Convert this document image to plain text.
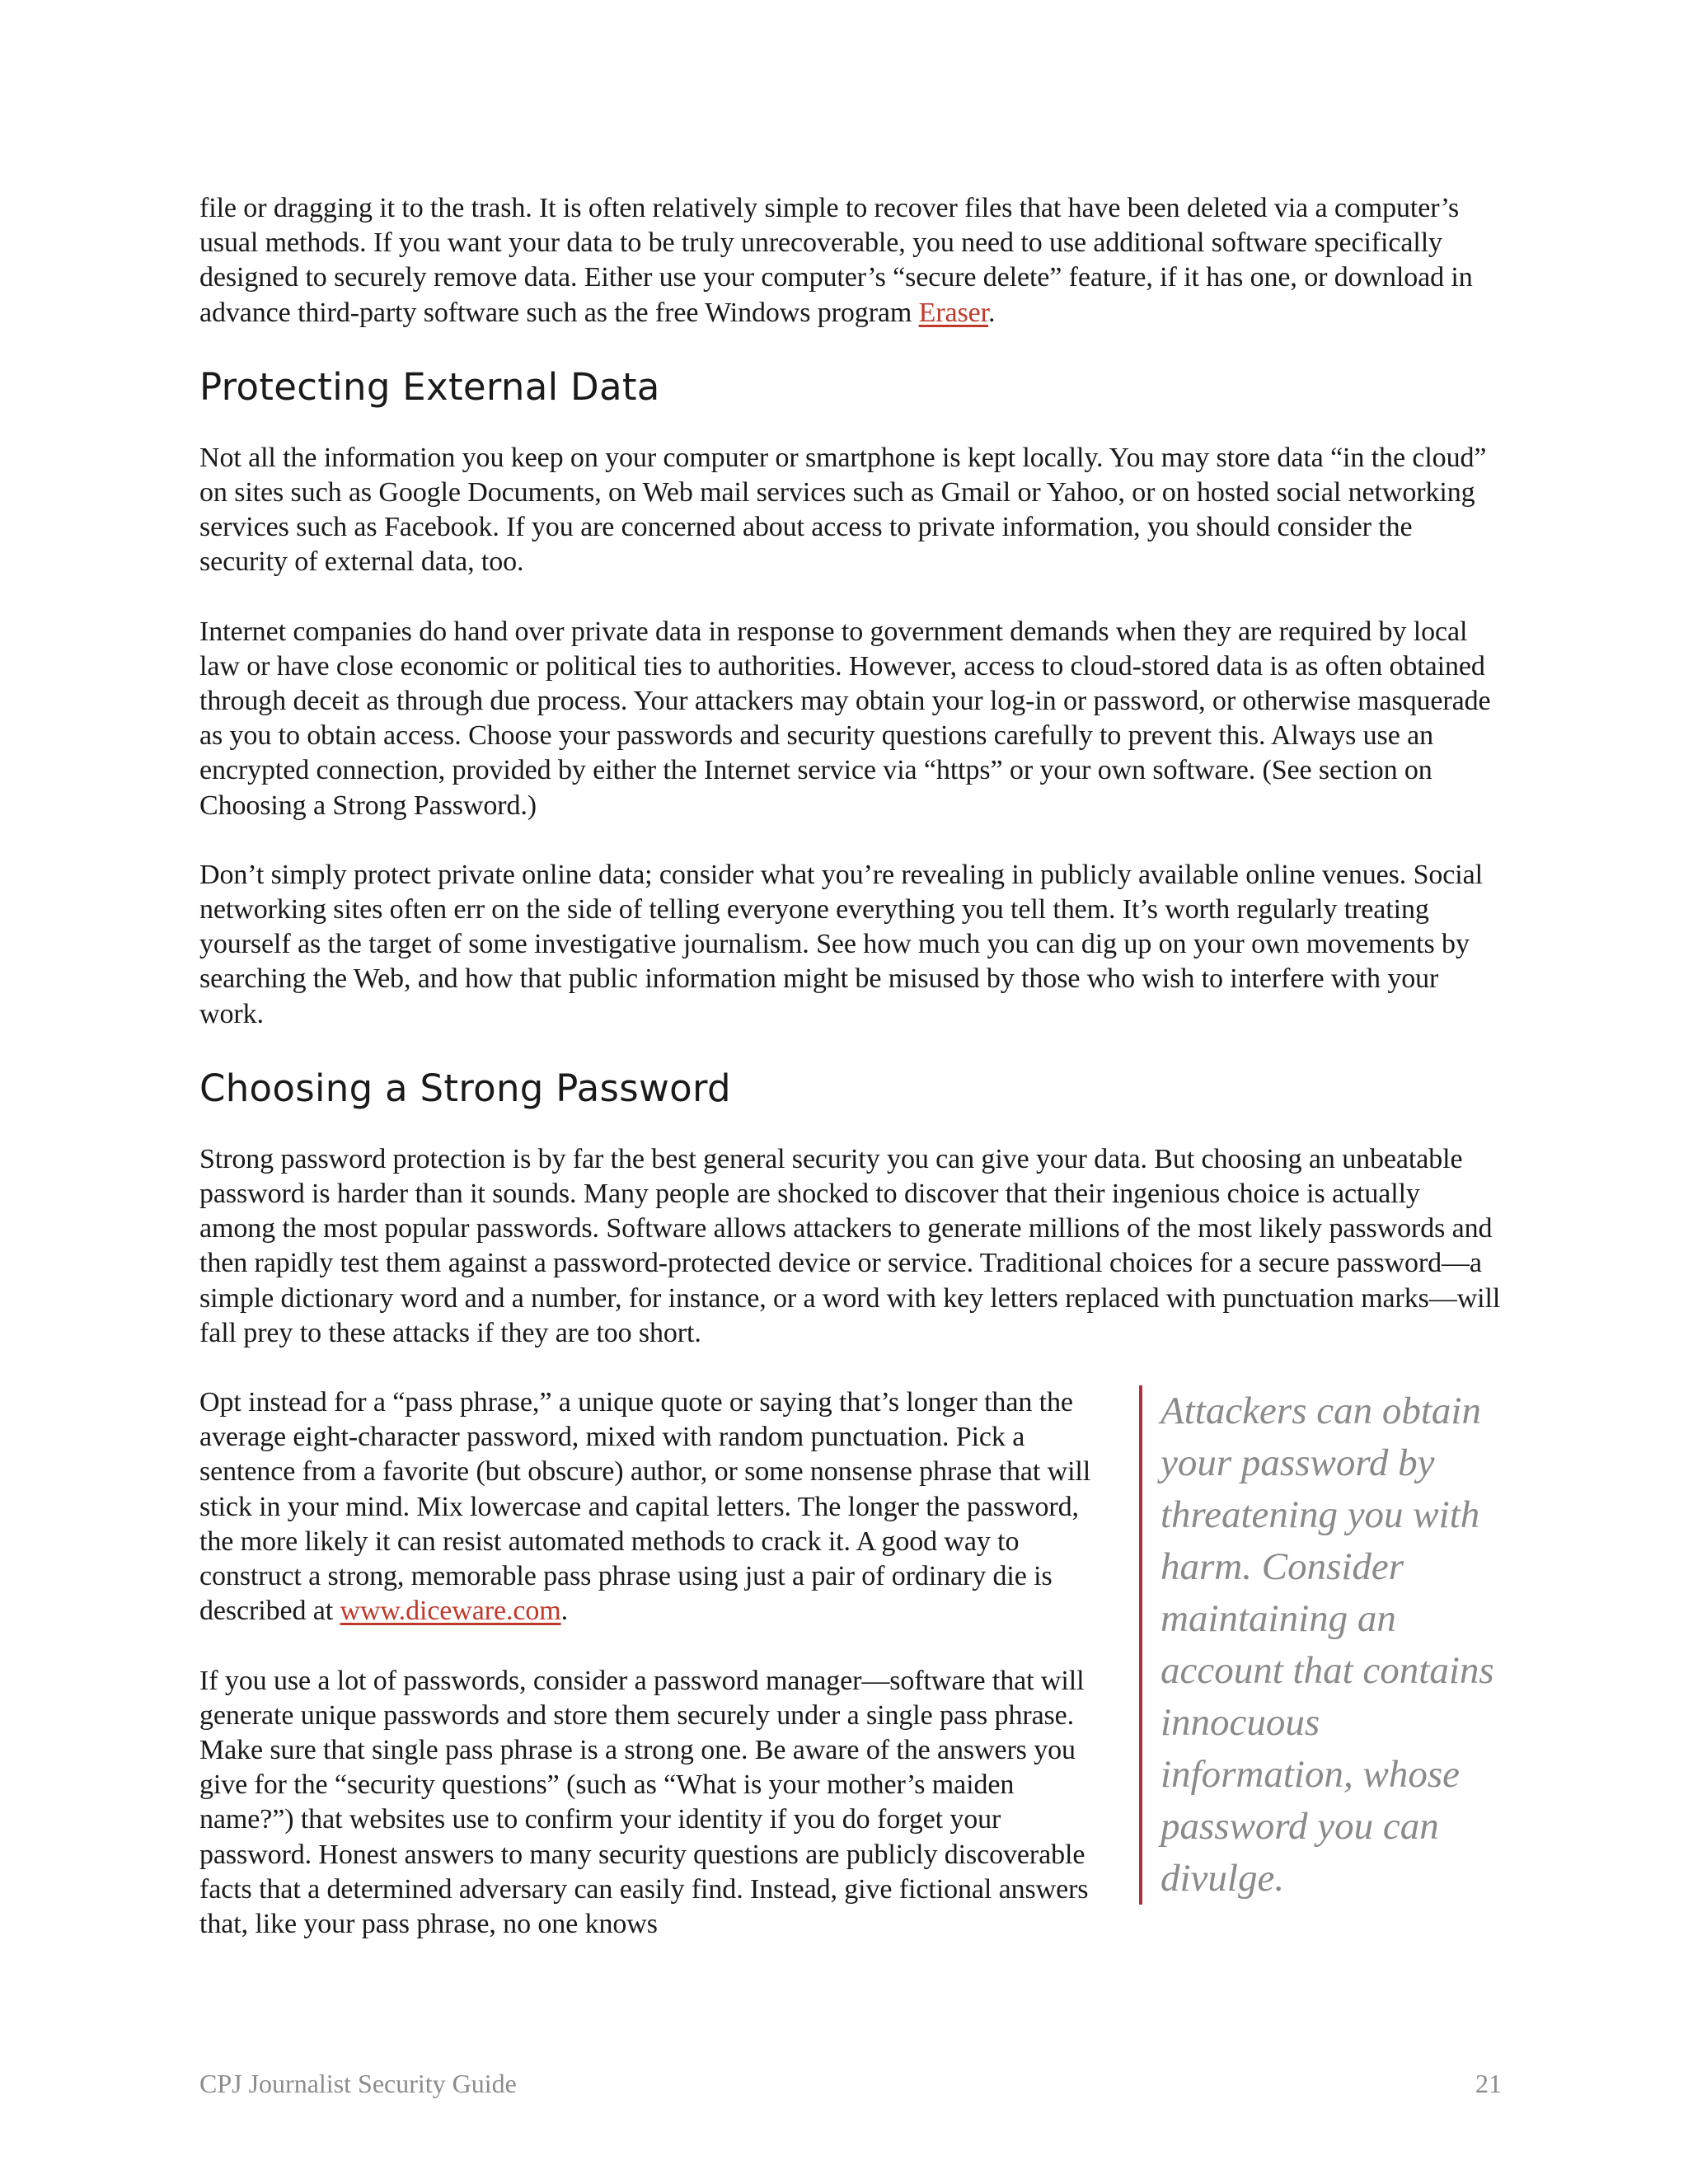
file or dragging it to the trash. It is often relatively simple to recover files that have been deleted via a computer’s usual methods. If you want your data to be truly unrecoverable, you need to use additional software specifically designed to securely remove data. Either use your computer’s “secure delete” feature, if it has one, or download in advance third-party software such as the free Windows program Eraser.

Protecting External Data

Not all the information you keep on your computer or smartphone is kept locally. You may store data “in the cloud” on sites such as Google Documents, on Web mail services such as Gmail or Yahoo, or on hosted social networking services such as Facebook. If you are concerned about access to private information, you should consider the security of external data, too.

Internet companies do hand over private data in response to government demands when they are required by local law or have close economic or political ties to authorities. However, access to cloud-stored data is as often obtained through deceit as through due process. Your attackers may obtain your log-in or password, or otherwise masquerade as you to obtain access. Choose your passwords and security questions carefully to prevent this. Always use an encrypted connection, provided by either the Internet service via “https” or your own software. (See section on Choosing a Strong Password.)

Don’t simply protect private online data; consider what you’re revealing in publicly available online venues. Social networking sites often err on the side of telling everyone everything you tell them. It’s worth regularly treating yourself as the target of some investigative journalism. See how much you can dig up on your own movements by searching the Web, and how that public information might be misused by those who wish to interfere with your work.

Choosing a Strong Password

Strong password protection is by far the best general security you can give your data. But choosing an unbeatable password is harder than it sounds. Many people are shocked to discover that their ingenious choice is actually among the most popular passwords. Software allows attackers to generate millions of the most likely passwords and then rapidly test them against a password-protected device or service. Traditional choices for a secure password—a simple dictionary word and a number, for instance, or a word with key letters replaced with punctuation marks—will fall prey to these attacks if they are too short.

Opt instead for a “pass phrase,” a unique quote or saying that’s longer than the average eight-character password, mixed with random punctuation. Pick a sentence from a favorite (but obscure) author, or some nonsense phrase that will stick in your mind. Mix lowercase and capital letters. The longer the password, the more likely it can resist automated methods to crack it. A good way to construct a strong, memorable pass phrase using just a pair of ordinary die is described at www.diceware.com.

If you use a lot of passwords, consider a password manager—software that will generate unique passwords and store them securely under a single pass phrase. Make sure that single pass phrase is a strong one. Be aware of the answers you give for the “security questions” (such as “What is your mother’s maiden name?”) that websites use to confirm your identity if you do forget your password. Honest answers to many security questions are publicly discoverable facts that a determined adversary can easily find. Instead, give fictional answers that, like your pass phrase, no one knows

Attackers can obtain your password by threatening you with harm. Consider maintaining an account that contains innocuous information, whose password you can divulge.
CPJ Journalist Security Guide	21
